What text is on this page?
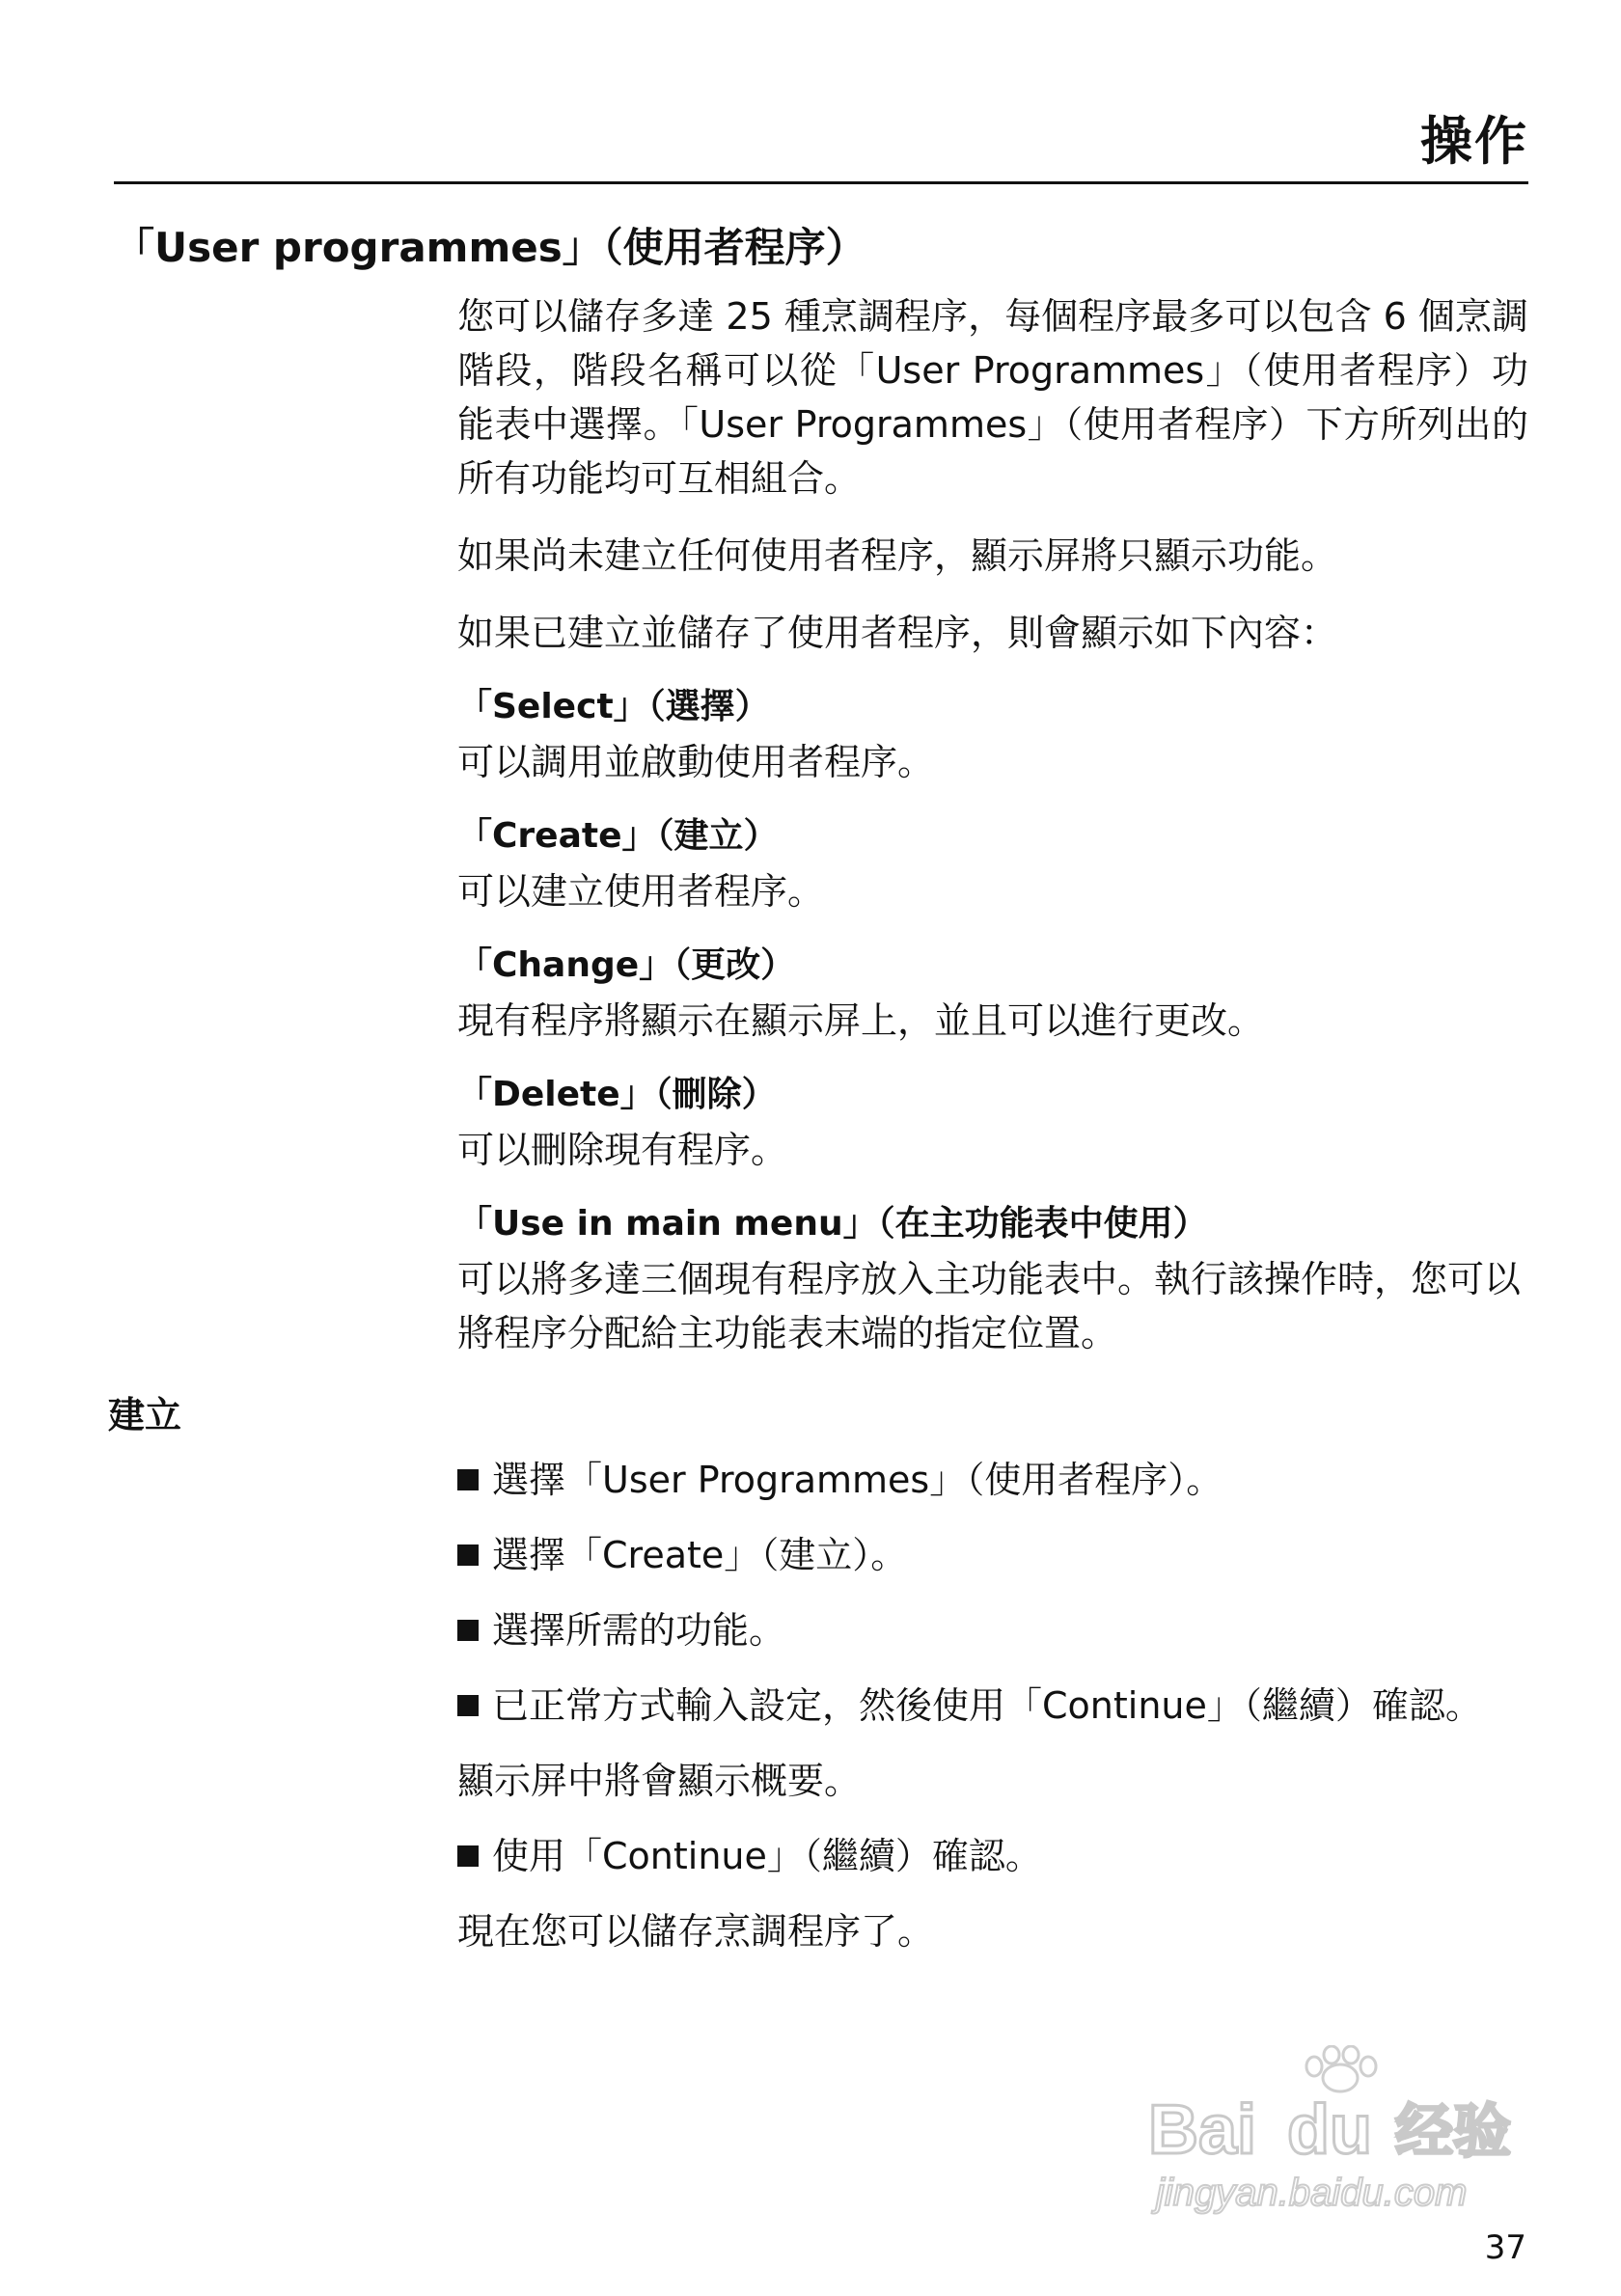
操作
「User programmes」（使用者程序）

您可以儲存多達 25 種烹調程序，每個程序最多可以包含 6 個烹調階段，階段名稱可以從「User Programmes」（使用者程序）功能表中選擇。「User Programmes」（使用者程序）下方所列出的所有功能均可互相組合。

如果尚未建立任何使用者程序，顯示屏將只顯示功能。

如果已建立並儲存了使用者程序，則會顯示如下內容：

「Select」（選擇）

可以調用並啟動使用者程序。

「Create」（建立）

可以建立使用者程序。

「Change」（更改）

現有程序將顯示在顯示屏上，並且可以進行更改。

「Delete」（刪除）

可以刪除現有程序。

「Use in main menu」（在主功能表中使用）

可以將多達三個現有程序放入主功能表中。執行該操作時，您可以將程序分配給主功能表末端的指定位置。

建立

選擇「User Programmes」（使用者程序）。

選擇「Create」（建立）。

選擇所需的功能。

已正常方式輸入設定，然後使用「Continue」（繼續）確認。

顯示屏中將會顯示概要。

使用「Continue」（繼續）確認。

現在您可以儲存烹調程序了。

Bai du 经验
jingyan.baidu.com

37
